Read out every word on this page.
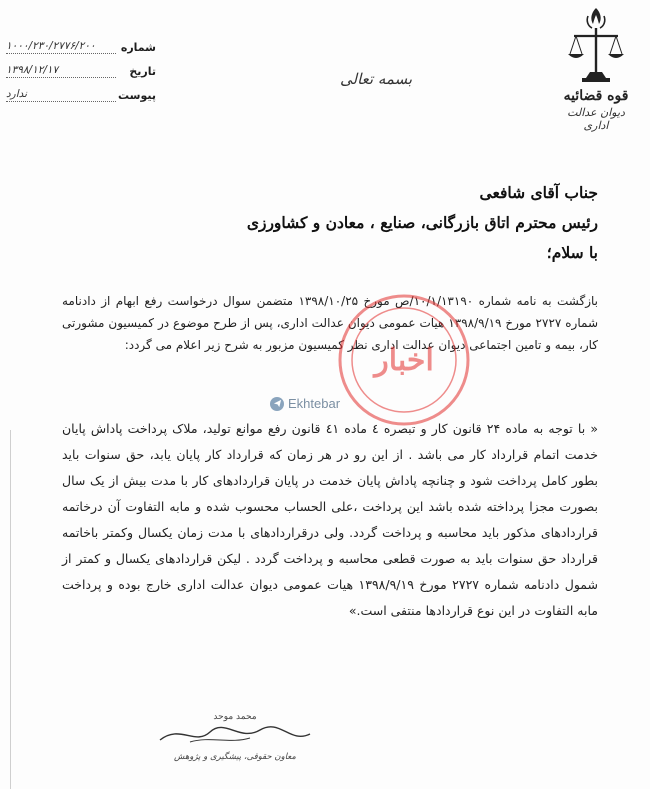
شماره
۱۰۰۰/۲۳۰/۲۷۷۶/۲۰۰
تاریخ
۱۳۹۸/۱۲/۱۷
پیوست
ندارد
بسمه تعالی
قوه قضائیه
دیوان عدالت اداری
جناب آقای شافعی
رئیس محترم اتاق بازرگانی، صنایع ، معادن و کشاورزی
با سلام؛
بازگشت به نامه شماره ۱۰/۱/۱۳۱۹۰/ص مورخ ۱۳۹۸/۱۰/۲۵ متضمن سوال درخواست رفع ابهام از دادنامه شماره ۲۷۲۷ مورخ ۱۳۹۸/۹/۱۹ هیات عمومی دیوان عدالت اداری، پس از طرح موضوع در کمیسیون مشورتی کار، بیمه و تامین اجتماعی دیوان عدالت اداری نظر کمیسیون مزبور به شرح زیر اعلام می گردد:
« با توجه به ماده ۲۴ قانون کار و تبصره ٤ ماده ٤١ قانون رفع موانع تولید، ملاک پرداخت پاداش پایان خدمت اتمام قرارداد کار می باشد . از این رو در هر زمان که قرارداد کار پایان یابد، حق سنوات باید بطور کامل پرداخت شود و چنانچه پاداش پایان خدمت در پایان قراردادهای کار با مدت بیش از یک سال بصورت مجزا پرداخته شده باشد این پرداخت ،علی الحساب محسوب شده و مابه التفاوت آن درخاتمه قراردادهای مذکور باید محاسبه و پرداخت گردد. ولی درقراردادهای با مدت زمان یکسال وکمتر باخاتمه قرارداد حق سنوات باید به صورت قطعی محاسبه و پرداخت گردد . لیکن قراردادهای یکسال و کمتر از شمول دادنامه شماره ۲۷۲۷ مورخ ۱۳۹۸/۹/۱۹ هیات عمومی دیوان عدالت اداری خارج بوده و پرداخت مابه التفاوت در این نوع قراردادها منتفی است.»
اخبار
Ekhtebar
محمد موحد
معاون حقوقی، پیشگیری و پژوهش
